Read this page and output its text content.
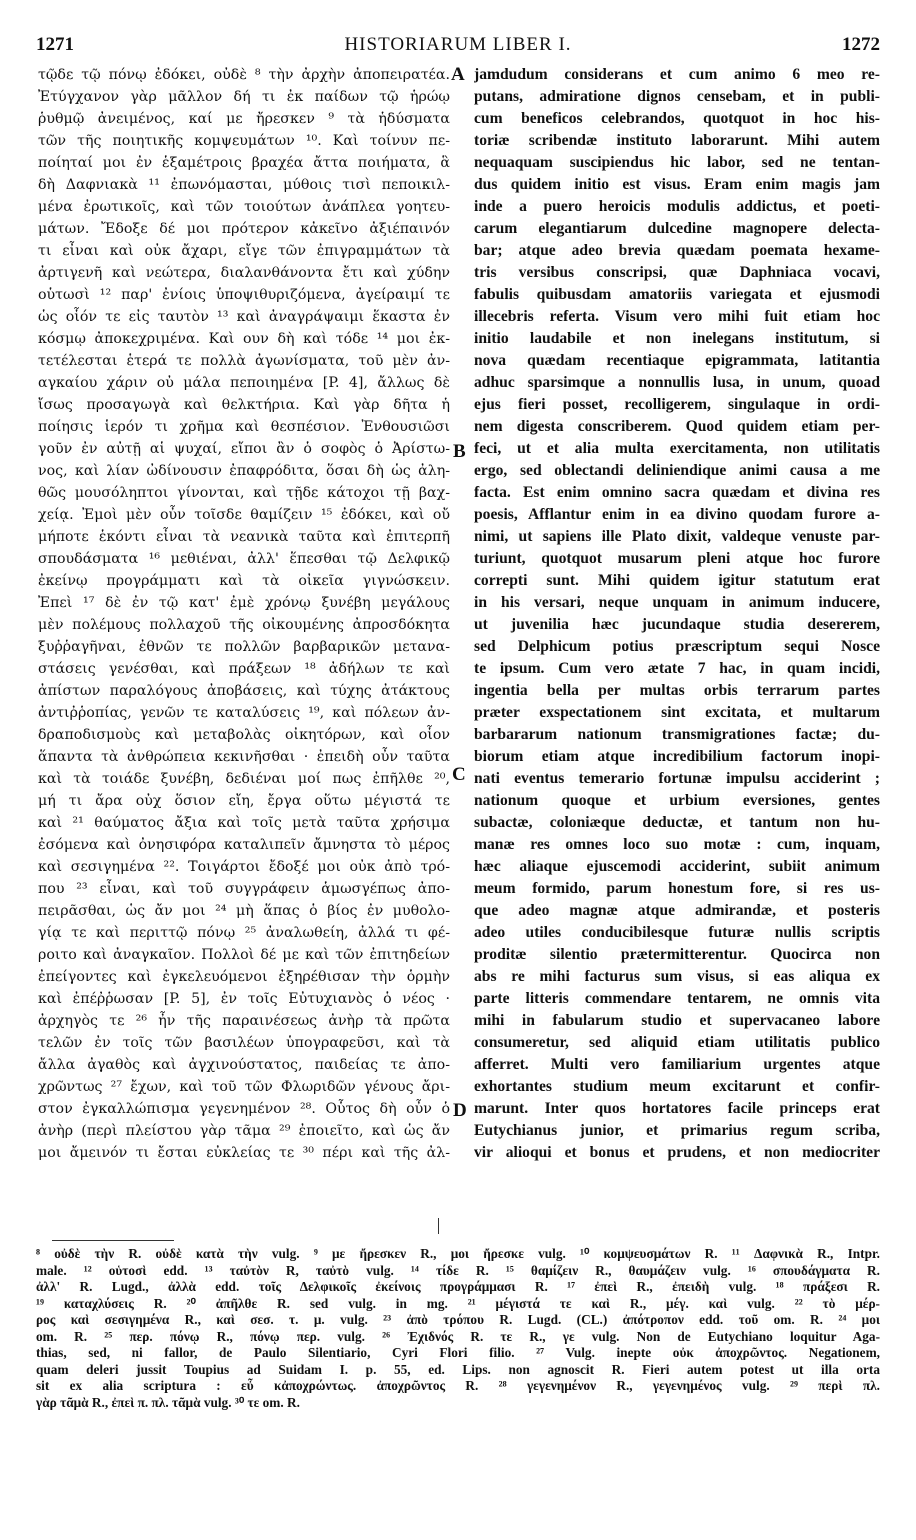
1271	HISTORIARUM LIBER I.	1272
τῷδε τῷ πόνῳ ἐδόκει, οὐδὲ ⁸ τὴν ἀρχὴν ἀποπειρατέα.
Ἐτύγχανον γὰρ μᾶλλον δή τι ἐκ παίδων τῷ ἡρώῳ
ῥυθμῷ ἀνειμένος, καί με ἤρεσκεν ⁹ τὰ ἡδύσματα
τῶν τῆς ποιητικῆς κομψευμάτων ¹⁰. Καὶ τοίνυν πε-
ποίηταί μοι ἐν ἑξαμέτροις βραχέα ἄττα ποιήματα, ἃ
δὴ Δαφνιακὰ ¹¹ ἐπωνόμασται, μύθοις τισὶ πεποικιλ-
μένα ἐρωτικοῖς, καὶ τῶν τοιούτων ἀνάπλεα γοητευ-
μάτων. Ἔδοξε δέ μοι πρότερον κἀκεῖνο ἀξιέπαινόν
τι εἶναι καὶ οὐκ ἄχαρι, εἴγε τῶν ἐπιγραμμάτων τὰ
ἀρτιγενῆ καὶ νεώτερα, διαλανθάνοντα ἔτι καὶ χύδην
οὑτωσὶ ¹² παρ' ἐνίοις ὑποψιθυριζόμενα, ἀγείραιμί τε
ὡς οἷόν τε εἰς ταυτὸν ¹³ καὶ ἀναγράψαιμι ἕκαστα ἐν
κόσμῳ ἀποκεχριμένα. Καὶ ουν δὴ καὶ τόδε ¹⁴ μοι ἐκ-
τετέλεσται ἑτερά τε πολλὰ ἀγωνίσματα, τοῦ μὲν ἀν-
αγκαίου χάριν οὐ μάλα πεποιημένα [P. 4], ἄλλως δὲ
ἴσως προσαγωγὰ καὶ θελκτήρια. Καὶ γὰρ δῆτα ἡ
ποίησις ἱερόν τι χρῆμα καὶ θεσπέσιον. Ἐνθουσιῶσι
γοῦν ἐν αὐτῇ αἱ ψυχαί, εἴποι ἂν ὁ σοφὸς ὁ Ἀρίστω-
νος, καὶ λίαν ὠδίνουσιν ἐπαφρόδιτα, ὅσαι δὴ ὡς ἀλη-
θῶς μουσόληπτοι γίνονται, καὶ τῇδε κάτοχοι τῇ βαχ-
χείᾳ. Ἐμοὶ μὲν οὖν τοῖσδε θαμίζειν ¹⁵ ἐδόκει, καὶ οὔ
μήποτε ἑκόντι εἶναι τὰ νεανικὰ ταῦτα καὶ ἐπιτερπῆ
σπουδάσματα ¹⁶ μεθιέναι, ἀλλ' ἕπεσθαι τῷ Δελφικῷ
ἐκείνῳ προγράμματι καὶ τὰ οἰκεῖα γιγνώσκειν.
Ἐπεὶ ¹⁷ δὲ ἐν τῷ κατ' ἐμὲ χρόνῳ ξυνέβη μεγάλους
μὲν πολέμους πολλαχοῦ τῆς οἰκουμένης ἀπροσδόκητα
ξυῤῥαγῆναι, ἐθνῶν τε πολλῶν βαρβαρικῶν μετανα-
στάσεις γενέσθαι, καὶ πράξεων ¹⁸ ἀδήλων τε καὶ
ἀπίστων παραλόγους ἀποβάσεις, καὶ τύχης ἀτάκτους
ἀντιῤῥοπίας, γενῶν τε καταλύσεις ¹⁹, καὶ πόλεων ἀν-
δραποδισμοὺς καὶ μεταβολὰς οἰκητόρων, καὶ οἷον
ἅπαντα τὰ ἀνθρώπεια κεκινῆσθαι · ἐπειδὴ οὖν ταῦτα
καὶ τὰ τοιάδε ξυνέβη, δεδιέναι μοί πως ἐπῆλθε ²⁰,
μή τι ἄρα οὐχ ὅσιον εἴη, ἔργα οὕτω μέγιστά τε
καὶ ²¹ θαύματος ἄξια καὶ τοῖς μετὰ ταῦτα χρήσιμα
ἐσόμενα καὶ ὀνησιφόρα καταλιπεῖν ἄμνηστα τὸ μέρος
καὶ σεσιγημένα ²². Τοιγάρτοι ἔδοξέ μοι οὐκ ἀπὸ τρό-
που ²³ εἶναι, καὶ τοῦ συγγράφειν ἁμωσγέπως ἀπο-
πειρᾶσθαι, ὡς ἄν μοι ²⁴ μὴ ἅπας ὁ βίος ἐν μυθολο-
γίᾳ τε καὶ περιττῷ πόνῳ ²⁵ ἀναλωθείη, ἀλλά τι φέ-
ροιτο καὶ ἀναγκαῖον. Πολλοὶ δέ με καὶ τῶν ἐπιτηδείων
ἐπείγοντες καὶ ἐγκελευόμενοι ἐξηρέθισαν τὴν ὁρμὴν
καὶ ἐπέῤῥωσαν [P. 5], ἐν τοῖς Εὐτυχιανὸς ὁ νέος ·
ἀρχηγὸς τε ²⁶ ἦν τῆς παραινέσεως ἀνὴρ τὰ πρῶτα
τελῶν ἐν τοῖς τῶν βασιλέων ὑπογραφεῦσι, καὶ τὰ
ἄλλα ἀγαθὸς καὶ ἀγχινούστατος, παιδείας τε ἀπο-
χρῶντως ²⁷ ἔχων, καὶ τοῦ τῶν Φλωριδῶν γένους ἄρι-
στον ἐγκαλλώπισμα γεγενημένον ²⁸. Οὗτος δὴ οὖν ὁ
ἀνὴρ (περὶ πλείστου γὰρ τᾶμα ²⁹ ἐποιεῖτο, καὶ ὡς ἄν
μοι ἄμεινόν τι ἔσται εὐκλείας τε ³⁰ πέρι καὶ τῆς ἀλ-
jamdudum considerans et cum animo 6 meo re-
putans, admiratione dignos censebam, et in publi-
cum beneficos celebrandos, quotquot in hoc his-
toriæ scribendæ instituto laborarunt. Mihi autem
nequaquam suscipiendus hic labor, sed ne tentan-
dus quidem initio est visus. Eram enim magis jam
inde a puero heroicis modulis addictus, et poeti-
carum elegantiarum dulcedine magnopere delecta-
bar; atque adeo brevia quædam poemata hexame-
tris versibus conscripsi, quæ Daphniaca vocavi,
fabulis quibusdam amatoriis variegata et ejusmodi
illecebris referta. Visum vero mihi fuit etiam hoc
initio laudabile et non inelegans institutum, si
nova quædam recentiaque epigrammata, latitantia
adhuc sparsimque a nonnullis lusa, in unum, quoad
ejus fieri posset, recolligerem, singulaque in ordi-
nem digesta conscriberem. Quod quidem etiam per-
feci, ut et alia multa exercitamenta, non utilitatis
ergo, sed oblectandi deliniendique animi causa a me
facta. Est enim omnino sacra quædam et divina res
poesis, Afflantur enim in ea divino quodam furore a-
nimi, ut sapiens ille Plato dixit, valdeque venuste par-
turiunt, quotquot musarum pleni atque hoc furore
correpti sunt. Mihi quidem igitur statutum erat
in his versari, neque unquam in animum inducere,
ut juvenilia hæc jucundaque studia desererem,
sed Delphicum potius præscriptum sequi Nosce
te ipsum. Cum vero ætate 7 hac, in quam incidi,
ingentia bella per multas orbis terrarum partes
præter exspectationem sint excitata, et multarum
barbararum nationum transmigrationes factæ; du-
biorum etiam atque incredibilium factorum inopi-
nati eventus temerario fortunæ impulsu acciderint ;
nationum quoque et urbium eversiones, gentes
subactæ, coloniæque deductæ, et tantum non hu-
manæ res omnes loco suo motæ : cum, inquam,
hæc aliaque ejuscemodi acciderint, subiit animum
meum formido, parum honestum fore, si res us-
que adeo magnæ atque admirandæ, et posteris
adeo utiles conducibilesque futuræ nullis scriptis
proditæ silentio prætermitterentur. Quocirca non
abs re mihi facturus sum visus, si eas aliqua ex
parte litteris commendare tentarem, ne omnis vita
mihi in fabularum studio et supervacaneo labore
consumeretur, sed aliquid etiam utilitatis publico
afferret. Multi vero familiarium urgentes atque
exhortantes studium meum excitarunt et confir-
marunt. Inter quos hortatores facile princeps erat
Eutychianus junior, et primarius regum scriba,
vir alioqui et bonus et prudens, et non mediocriter
A
B
C
D
⁸ οὐδὲ τὴν R. οὐδὲ κατὰ τὴν vulg. ⁹ με ἤρεσκεν R., μοι ἤρεσκε vulg. ¹⁰ κομψευσμάτων R. ¹¹ Δαφνικὰ R., Intpr.
male. ¹² οὑτοσὶ edd. ¹³ ταὐτὸν R, ταὐτὸ vulg. ¹⁴ τίδε R. ¹⁵ θαμίζειν R., θαυμάζειν vulg. ¹⁶ σπουδάγματα R.
ἀλλ' R. Lugd., ἀλλὰ edd. τοῖς Δελφικοῖς ἐκείνοις προγράμμασι R. ¹⁷ ἐπεὶ R., ἐπειδὴ vulg. ¹⁸ πράξεσι R.
¹⁹ καταχλύσεις R. ²⁰ ἀπῆλθε R. sed vulg. in mg. ²¹ μέγιστά τε καὶ R., μέγ. καὶ vulg. ²² τὸ μέρ-
ρος καὶ σεσιγημένα R., καὶ σεσ. τ. μ. vulg. ²³ ἀπὸ τρόπου R. Lugd. (CL.) ἀπότροπον edd. τοῦ om. R. ²⁴ μοι
om. R. ²⁵ περ. πόνῳ R., πόνῳ περ. vulg. ²⁶ Ἐχιδνός R. τε R., γε vulg. Non de Eutychiano loquitur Aga-
thias, sed, ni fallor, de Paulo Silentiario, Cyri Flori filio. ²⁷ Vulg. inepte οὐκ ἀποχρῶντος. Negationem,
quam deleri jussit Toupius ad Suidam I. p. 55, ed. Lips. non agnoscit R. Fieri autem potest ut illa orta
sit ex alia scriptura : εὖ κἀποχρώντως. ἀποχρῶντος R. ²⁸ γεγενημένον R., γεγενημένος vulg. ²⁹ περὶ πλ.
γὰρ τᾶμὰ R., ἐπεὶ π. πλ. τᾶμὰ vulg. ³⁰ τε om. R.
